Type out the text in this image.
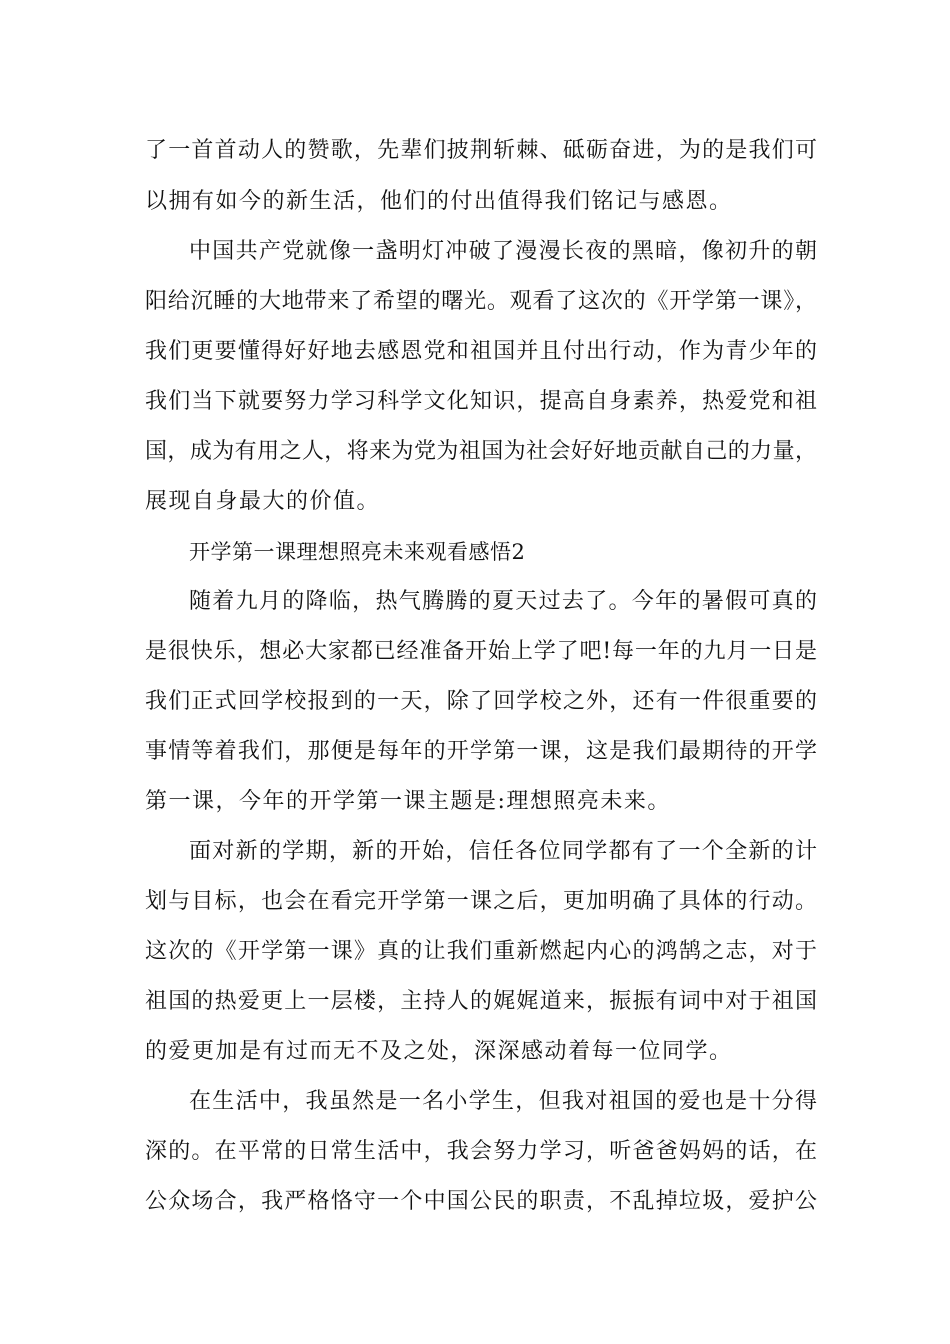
了一首首动人的赞歌，先辈们披荆斩棘、砥砺奋进，为的是我们可
以拥有如今的新生活，他们的付出值得我们铭记与感恩。
中国共产党就像一盏明灯冲破了漫漫长夜的黑暗，像初升的朝
阳给沉睡的大地带来了希望的曙光。观看了这次的《开学第一课》，
我们更要懂得好好地去感恩党和祖国并且付出行动，作为青少年的
我们当下就要努力学习科学文化知识，提高自身素养，热爱党和祖
国，成为有用之人，将来为党为祖国为社会好好地贡献自己的力量，
展现自身最大的价值。
开学第一课理想照亮未来观看感悟2
随着九月的降临，热气腾腾的夏天过去了。今年的暑假可真的
是很快乐，想必大家都已经准备开始上学了吧!每一年的九月一日是
我们正式回学校报到的一天，除了回学校之外，还有一件很重要的
事情等着我们，那便是每年的开学第一课，这是我们最期待的开学
第一课，今年的开学第一课主题是:理想照亮未来。
面对新的学期，新的开始，信任各位同学都有了一个全新的计
划与目标，也会在看完开学第一课之后，更加明确了具体的行动。
这次的《开学第一课》真的让我们重新燃起内心的鸿鹄之志，对于
祖国的热爱更上一层楼，主持人的娓娓道来，振振有词中对于祖国
的爱更加是有过而无不及之处，深深感动着每一位同学。
在生活中，我虽然是一名小学生，但我对祖国的爱也是十分得
深的。在平常的日常生活中，我会努力学习，听爸爸妈妈的话，在
公众场合，我严格恪守一个中国公民的职责，不乱掉垃圾，爱护公
